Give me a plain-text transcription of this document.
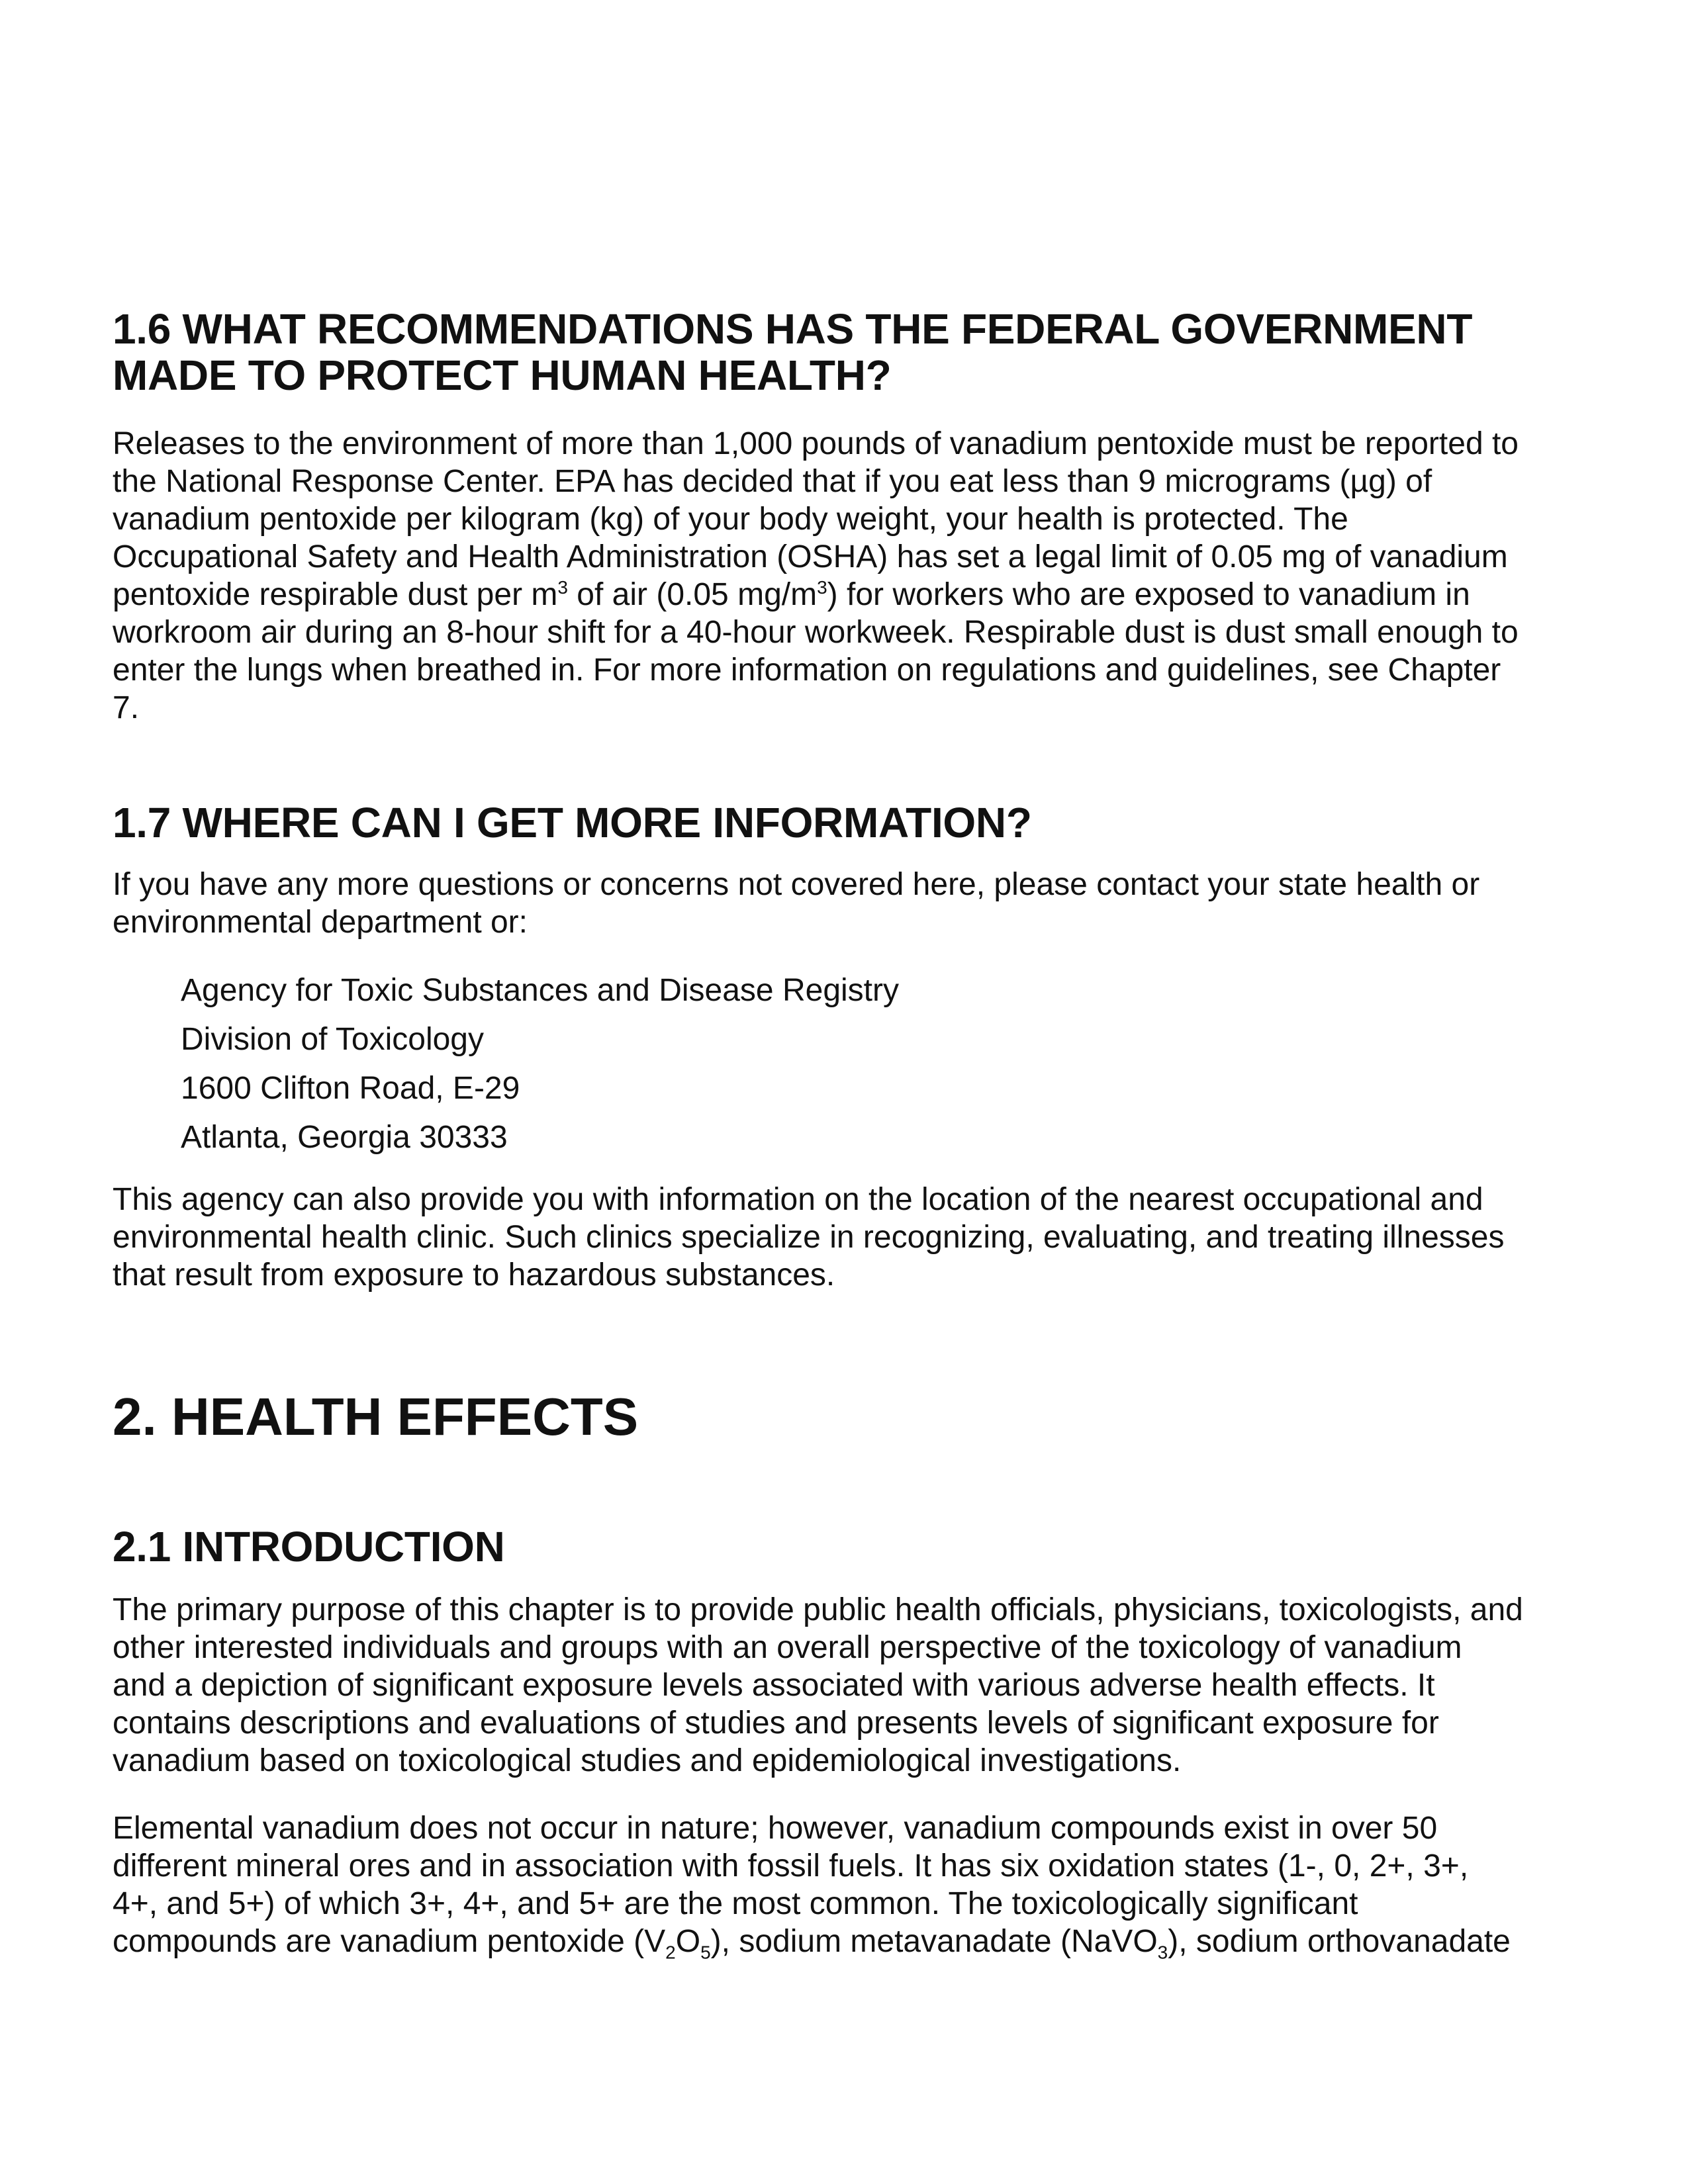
1.6 WHAT RECOMMENDATIONS HAS THE FEDERAL GOVERNMENT
MADE TO PROTECT HUMAN HEALTH?
Releases to the environment of more than 1,000 pounds of vanadium pentoxide must be reported to
the National Response Center. EPA has decided that if you eat less than 9 micrograms (µg) of
vanadium pentoxide per kilogram (kg) of your body weight, your health is protected. The
Occupational Safety and Health Administration (OSHA) has set a legal limit of 0.05 mg of vanadium
pentoxide respirable dust per $m^3$ of air (0.05 $mg/m^3$) for workers who are exposed to vanadium in
workroom air during an 8-hour shift for a 40-hour workweek. Respirable dust is dust small enough to
enter the lungs when breathed in. For more information on regulations and guidelines, see Chapter
7.
1.7 WHERE CAN I GET MORE INFORMATION?
If you have any more questions or concerns not covered here, please contact your state health or
environmental department or:
Agency for Toxic Substances and Disease Registry
Division of Toxicology
1600 Clifton Road, E-29
Atlanta, Georgia 30333
This agency can also provide you with information on the location of the nearest occupational and
environmental health clinic. Such clinics specialize in recognizing, evaluating, and treating illnesses
that result from exposure to hazardous substances.
2. HEALTH EFFECTS
2.1 INTRODUCTION
The primary purpose of this chapter is to provide public health officials, physicians, toxicologists, and
other interested individuals and groups with an overall perspective of the toxicology of vanadium
and a depiction of significant exposure levels associated with various adverse health effects. It
contains descriptions and evaluations of studies and presents levels of significant exposure for
vanadium based on toxicological studies and epidemiological investigations.
Elemental vanadium does not occur in nature; however, vanadium compounds exist in over 50
different mineral ores and in association with fossil fuels. It has six oxidation states (1-, 0, 2+, 3+,
4+, and 5+) of which 3+, 4+, and 5+ are the most common. The toxicologically significant
compounds are vanadium pentoxide $(V_2O_5)$, sodium metavanadate (NaVO$_3$), sodium orthovanadate
